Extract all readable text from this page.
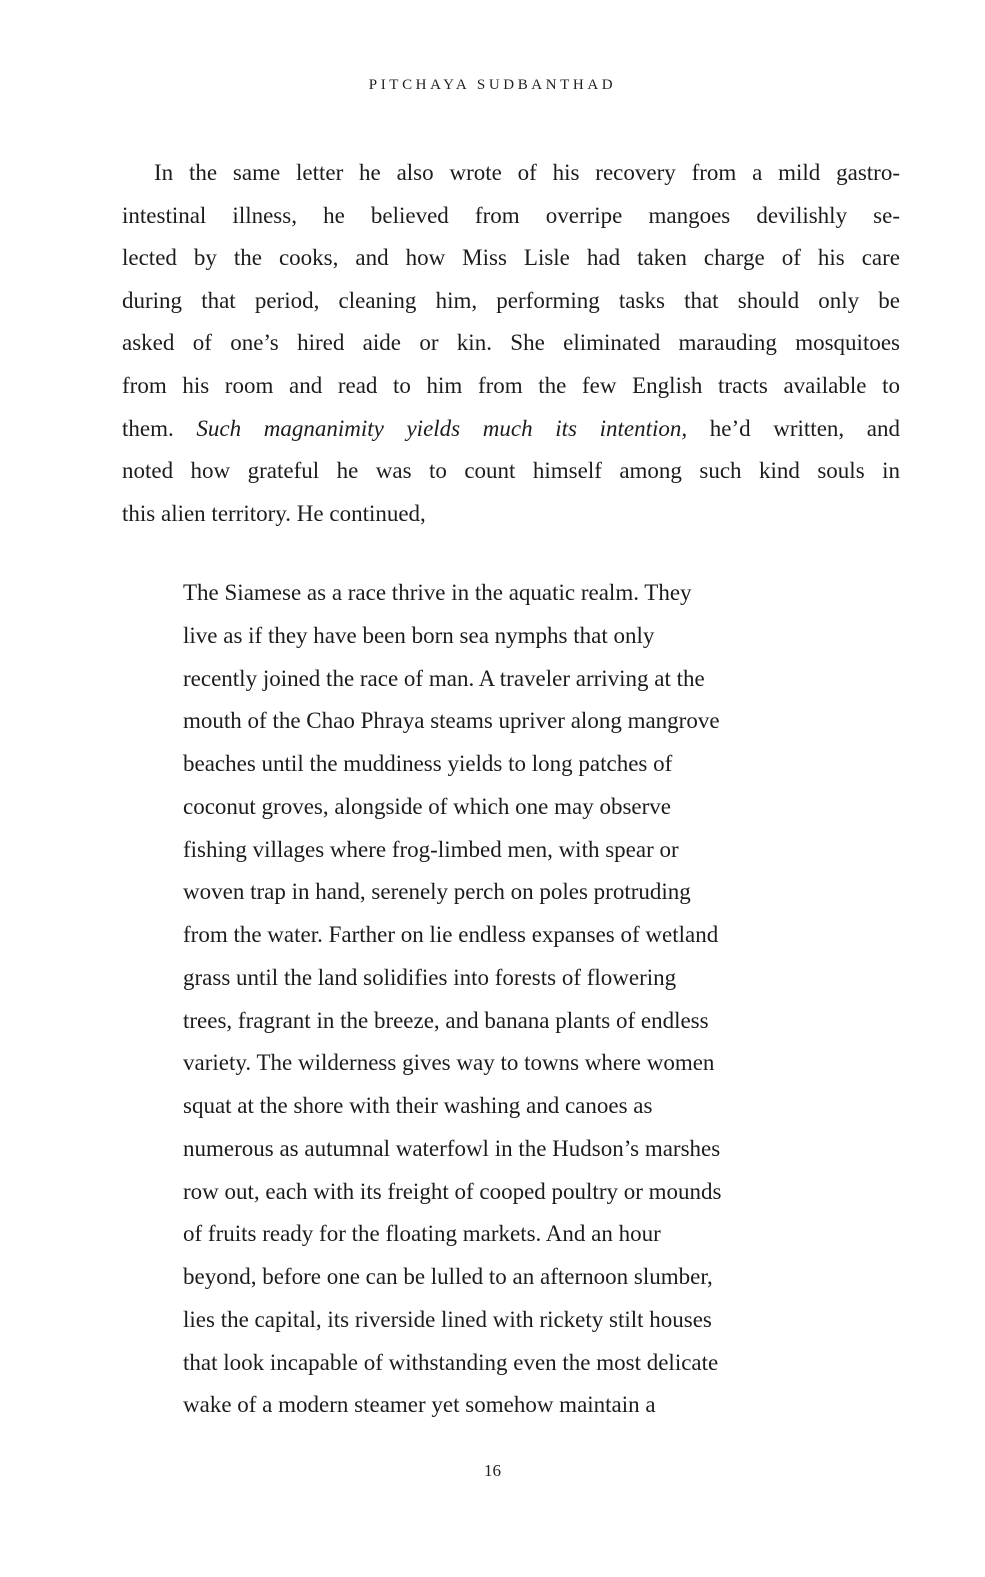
PITCHAYA SUDBANTHAD
In the same letter he also wrote of his recovery from a mild gastro-
intestinal illness, he believed from overripe mangoes devilishly se-
lected by the cooks, and how Miss Lisle had taken charge of his care
during that period, cleaning him, performing tasks that should only be
asked of one’s hired aide or kin. She eliminated marauding mosquitoes
from his room and read to him from the few English tracts available to
them. Such magnanimity yields much its intention, he’d written, and
noted how grateful he was to count himself among such kind souls in
this alien territory. He continued,
The Siamese as a race thrive in the aquatic realm. They
live as if they have been born sea nymphs that only
recently joined the race of man. A traveler arriving at the
mouth of the Chao Phraya steams upriver along mangrove
beaches until the muddiness yields to long patches of
coconut groves, alongside of which one may observe
fishing villages where frog-limbed men, with spear or
woven trap in hand, serenely perch on poles protruding
from the water. Farther on lie endless expanses of wetland
grass until the land solidifies into forests of flowering
trees, fragrant in the breeze, and banana plants of endless
variety. The wilderness gives way to towns where women
squat at the shore with their washing and canoes as
numerous as autumnal waterfowl in the Hudson’s marshes
row out, each with its freight of cooped poultry or mounds
of fruits ready for the floating markets. And an hour
beyond, before one can be lulled to an afternoon slumber,
lies the capital, its riverside lined with rickety stilt houses
that look incapable of withstanding even the most delicate
wake of a modern steamer yet somehow maintain a
16
